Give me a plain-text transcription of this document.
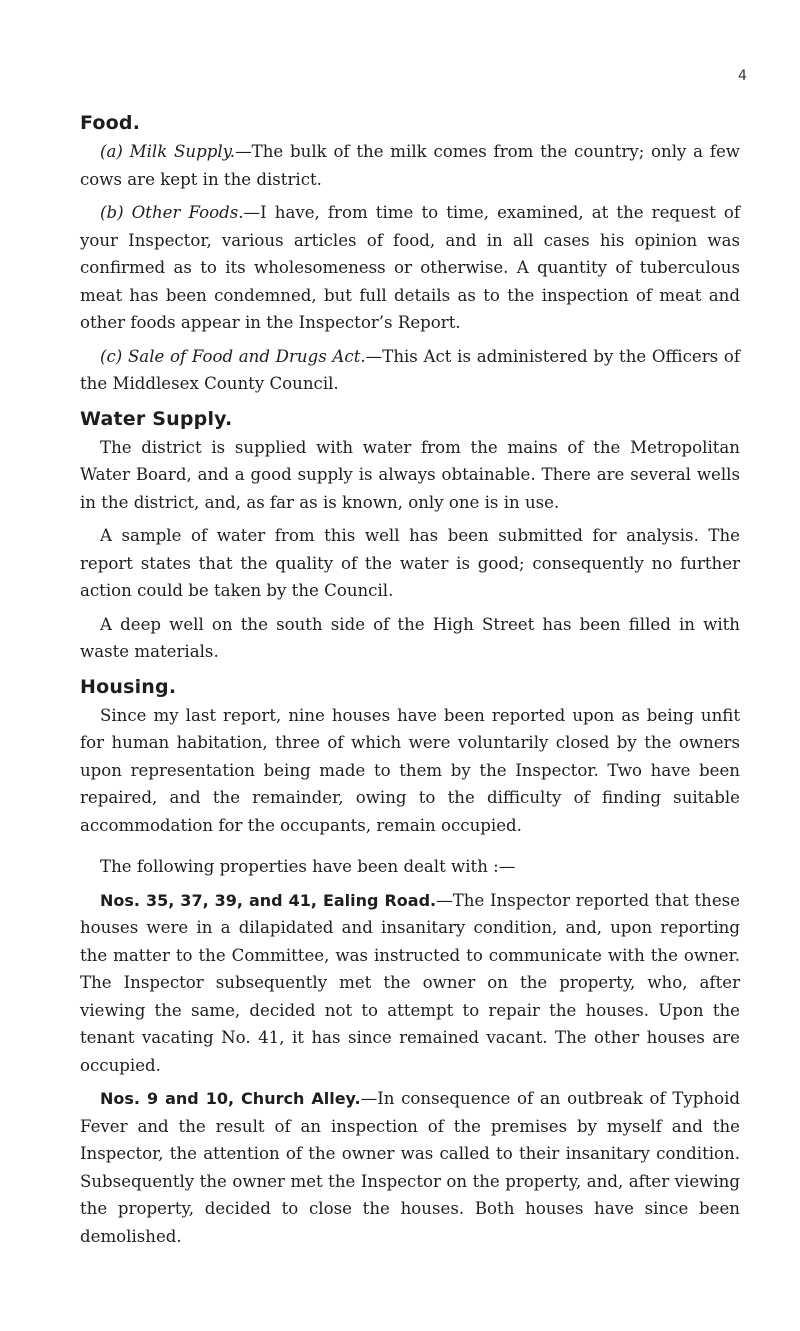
4
Food.

(a) Milk Supply.—The bulk of the milk comes from the country; only a few cows are kept in the district.

(b) Other Foods.—I have, from time to time, examined, at the request of your Inspector, various articles of food, and in all cases his opinion was confirmed as to its wholesomeness or otherwise. A quantity of tuberculous meat has been condemned, but full details as to the inspection of meat and other foods appear in the Inspector’s Report.

(c) Sale of Food and Drugs Act.—This Act is administered by the Officers of the Middlesex County Council.

Water Supply.

The district is supplied with water from the mains of the Metropolitan Water Board, and a good supply is always obtainable. There are several wells in the district, and, as far as is known, only one is in use.

A sample of water from this well has been submitted for analysis. The report states that the quality of the water is good; consequently no further action could be taken by the Council.

A deep well on the south side of the High Street has been filled in with waste materials.

Housing.

Since my last report, nine houses have been reported upon as being unfit for human habitation, three of which were voluntarily closed by the owners upon representation being made to them by the Inspector. Two have been repaired, and the remainder, owing to the difficulty of finding suitable accommodation for the occupants, remain occupied.

The following properties have been dealt with :—

Nos. 35, 37, 39, and 41, Ealing Road.—The Inspector reported that these houses were in a dilapidated and insanitary condition, and, upon reporting the matter to the Committee, was instructed to communicate with the owner. The Inspector subsequently met the owner on the property, who, after viewing the same, decided not to attempt to repair the houses. Upon the tenant vacating No. 41, it has since remained vacant. The other houses are occupied.

Nos. 9 and 10, Church Alley.—In consequence of an outbreak of Typhoid Fever and the result of an inspection of the premises by myself and the Inspector, the attention of the owner was called to their insanitary condition. Subsequently the owner met the Inspector on the property, and, after viewing the property, decided to close the houses. Both houses have since been demolished.
